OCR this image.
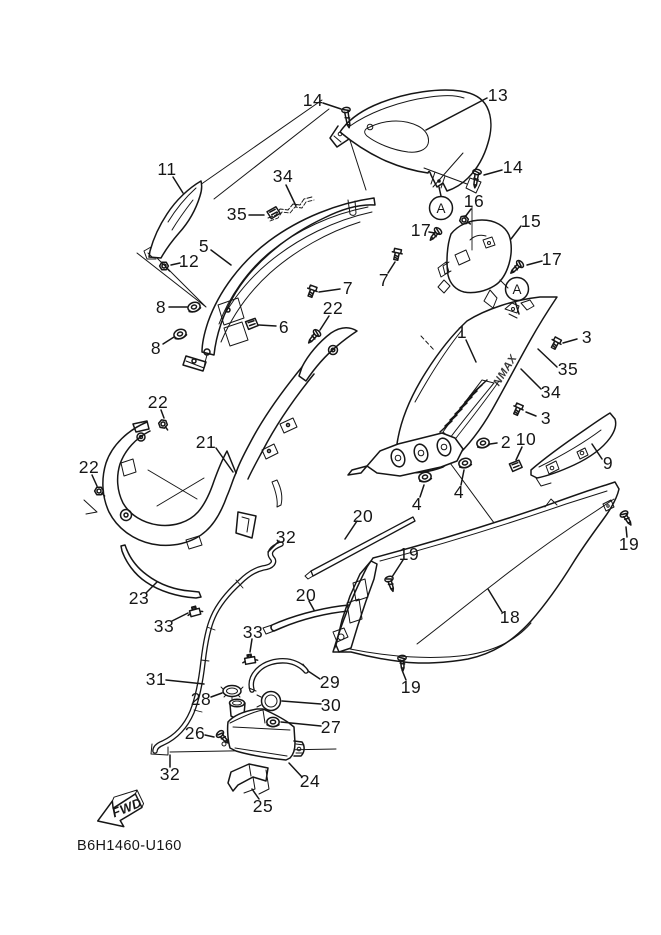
NMAX
FWD
B6H1460-U160
14	13
14
16
15
17
17
11	34
35
5
12
7 7
8
8
6
22
1	3
35
34
3
22
21	2 10
9
4
4
22
20
19	19
23	20
18
33	33
31	29
28	30
27
26
19
24
32
32
25
A
A
